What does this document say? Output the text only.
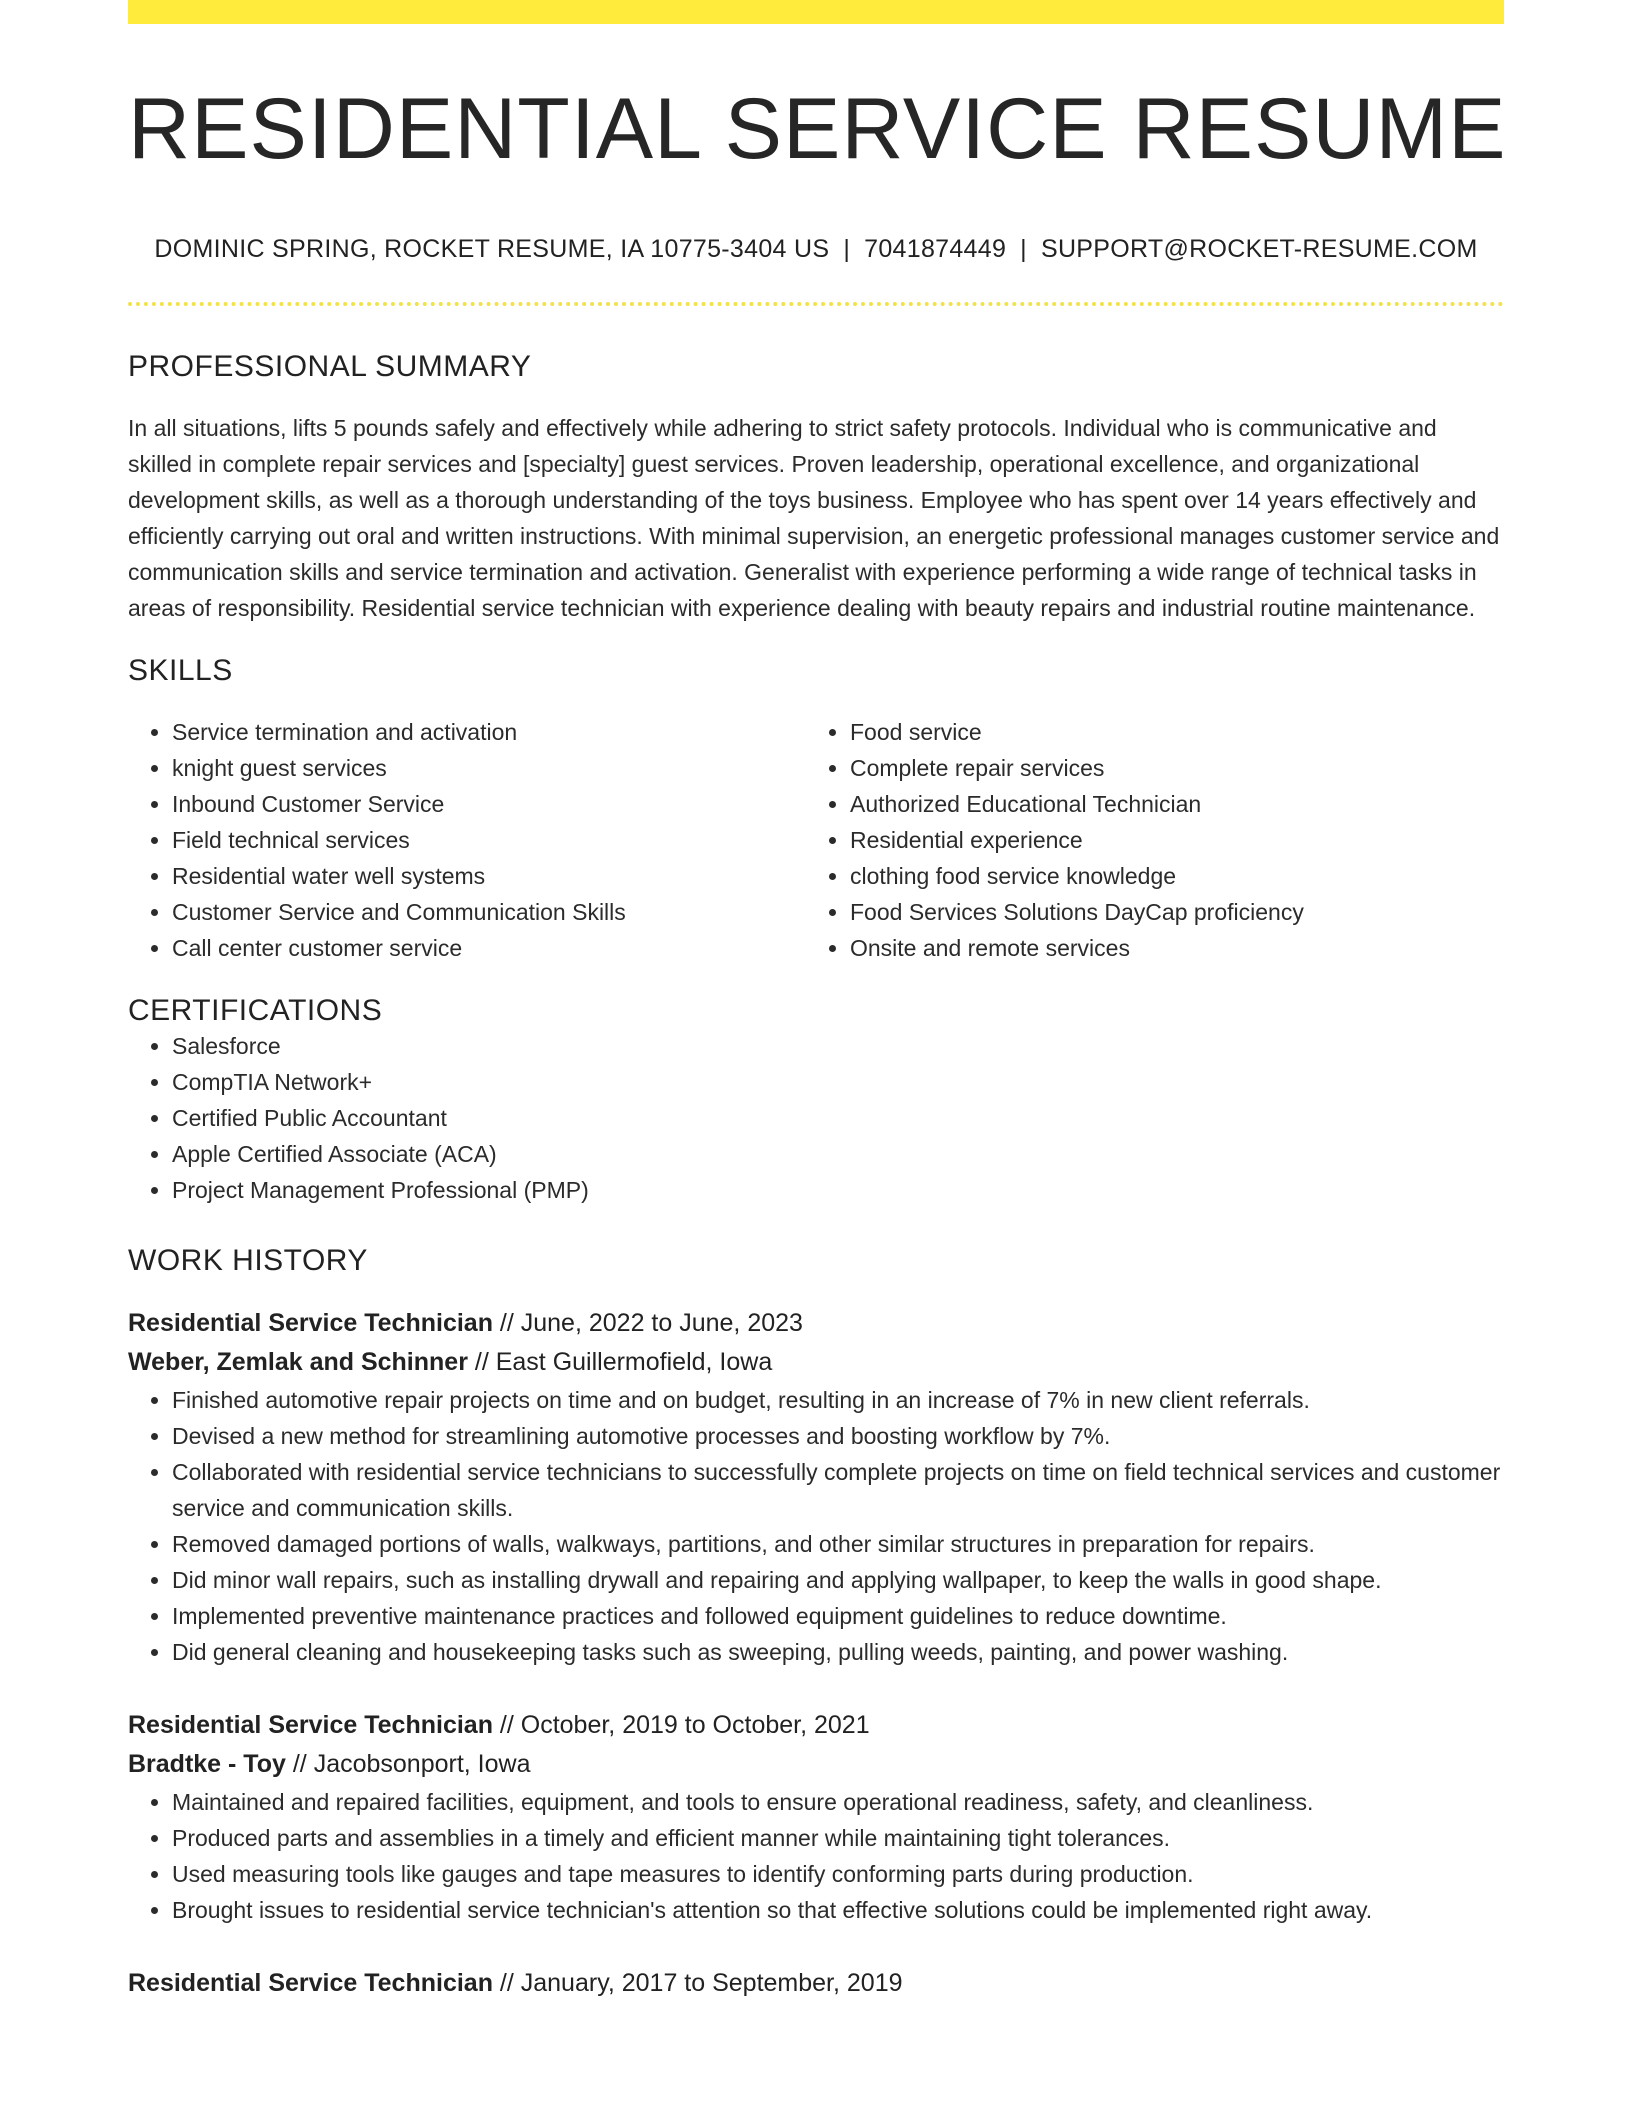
RESIDENTIAL SERVICE RESUME
DOMINIC SPRING, ROCKET RESUME, IA 10775-3404 US | 7041874449 | SUPPORT@ROCKET-RESUME.COM
PROFESSIONAL SUMMARY

In all situations, lifts 5 pounds safely and effectively while adhering to strict safety protocols. Individual who is communicative and skilled in complete repair services and [specialty] guest services. Proven leadership, operational excellence, and organizational development skills, as well as a thorough understanding of the toys business. Employee who has spent over 14 years effectively and efficiently carrying out oral and written instructions. With minimal supervision, an energetic professional manages customer service and communication skills and service termination and activation. Generalist with experience performing a wide range of technical tasks in areas of responsibility. Residential service technician with experience dealing with beauty repairs and industrial routine maintenance.

SKILLS
• Service termination and activation
• knight guest services
• Inbound Customer Service
• Field technical services
• Residential water well systems
• Customer Service and Communication Skills
• Call center customer service
• Food service
• Complete repair services
• Authorized Educational Technician
• Residential experience
• clothing food service knowledge
• Food Services Solutions DayCap proficiency
• Onsite and remote services
CERTIFICATIONS
• Salesforce
• CompTIA Network+
• Certified Public Accountant
• Apple Certified Associate (ACA)
• Project Management Professional (PMP)
WORK HISTORY
Residential Service Technician // June, 2022 to June, 2023
Weber, Zemlak and Schinner // East Guillermofield, Iowa
• Finished automotive repair projects on time and on budget, resulting in an increase of 7% in new client referrals.
• Devised a new method for streamlining automotive processes and boosting workflow by 7%.
• Collaborated with residential service technicians to successfully complete projects on time on field technical services and customer service and communication skills.
• Removed damaged portions of walls, walkways, partitions, and other similar structures in preparation for repairs.
• Did minor wall repairs, such as installing drywall and repairing and applying wallpaper, to keep the walls in good shape.
• Implemented preventive maintenance practices and followed equipment guidelines to reduce downtime.
• Did general cleaning and housekeeping tasks such as sweeping, pulling weeds, painting, and power washing.
Residential Service Technician // October, 2019 to October, 2021
Bradtke - Toy // Jacobsonport, Iowa
• Maintained and repaired facilities, equipment, and tools to ensure operational readiness, safety, and cleanliness.
• Produced parts and assemblies in a timely and efficient manner while maintaining tight tolerances.
• Used measuring tools like gauges and tape measures to identify conforming parts during production.
• Brought issues to residential service technician's attention so that effective solutions could be implemented right away.
Residential Service Technician // January, 2017 to September, 2019
